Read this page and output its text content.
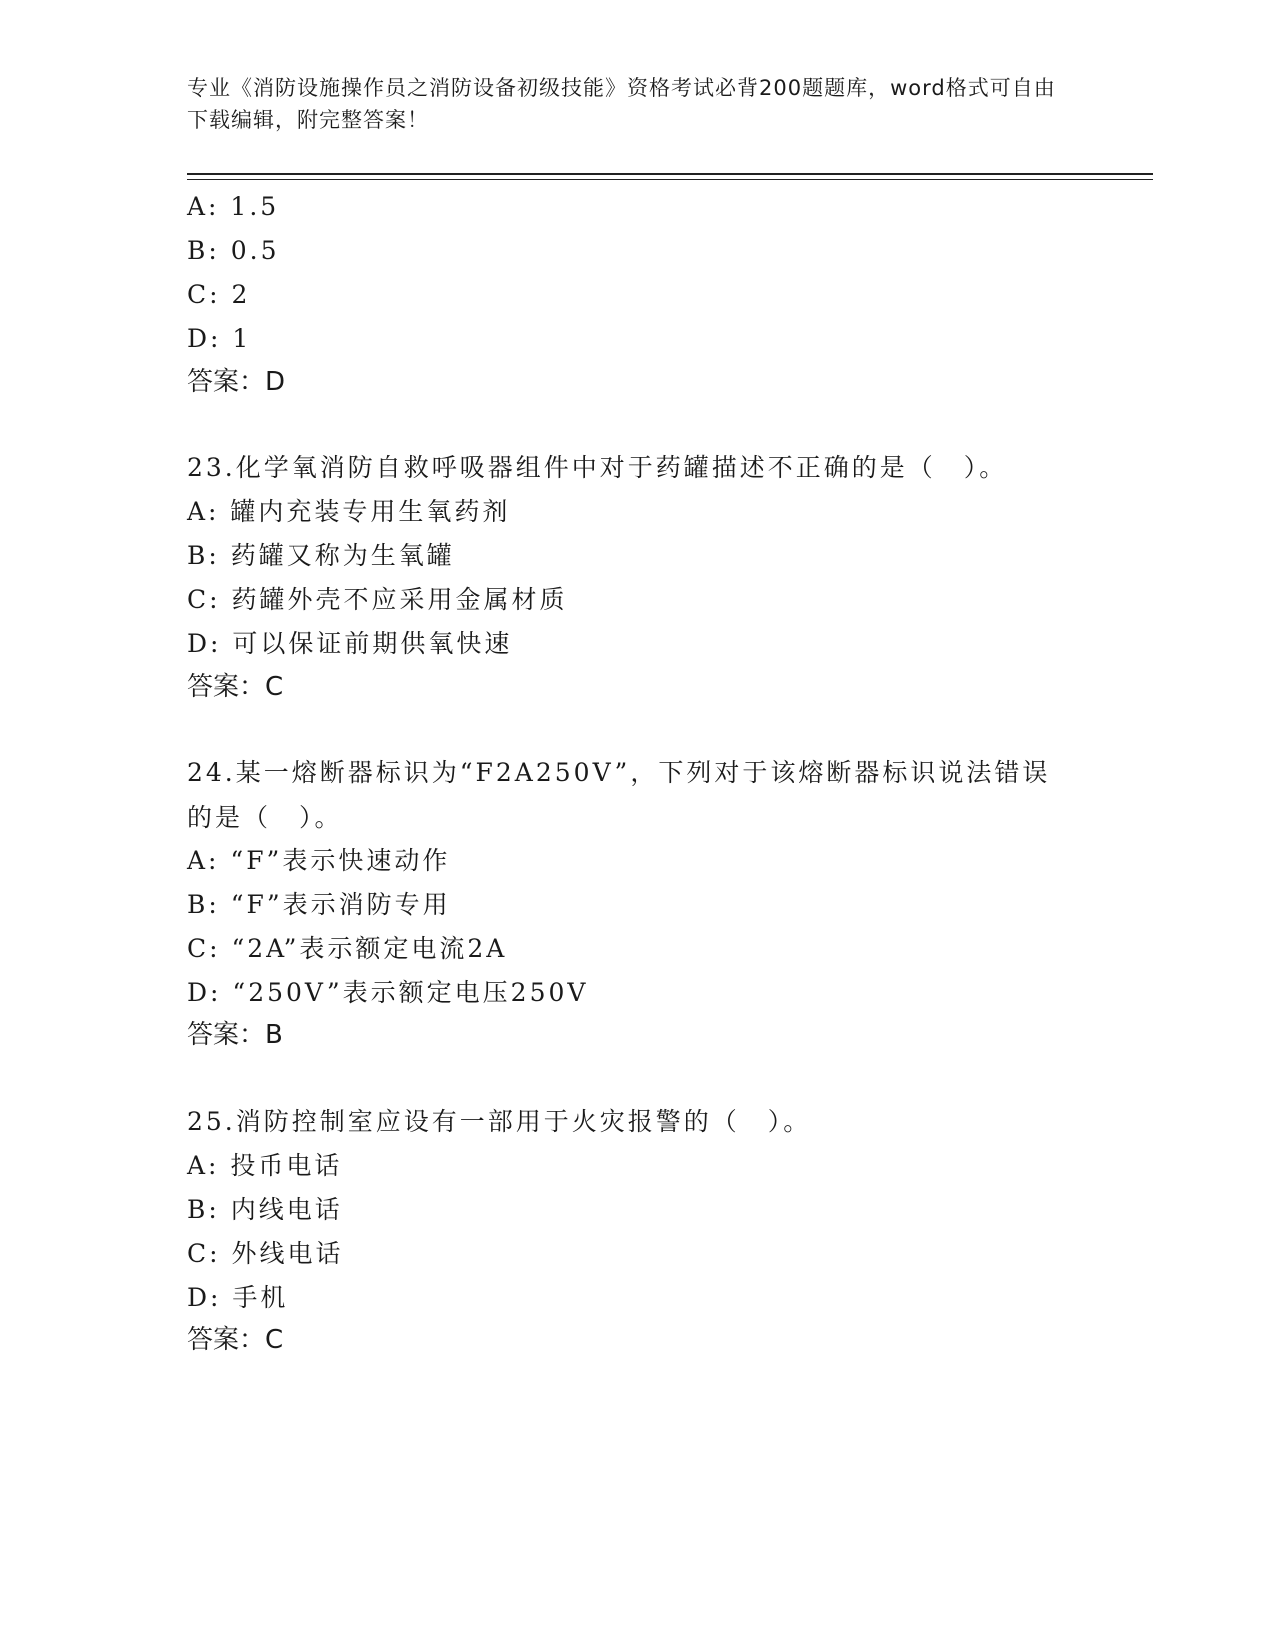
专业《消防设施操作员之消防设备初级技能》资格考试必背200题题库，word格式可自由下载编辑，附完整答案！
A: 1.5
B: 0.5
C: 2
D: 1
答案：D
23.化学氧消防自救呼吸器组件中对于药罐描述不正确的是（　）。
A: 罐内充装专用生氧药剂
B: 药罐又称为生氧罐
C: 药罐外壳不应采用金属材质
D: 可以保证前期供氧快速
答案：C
24.某一熔断器标识为“F2A250V”，下列对于该熔断器标识说法错误的是（　）。
A: “F”表示快速动作
B: “F”表示消防专用
C: “2A”表示额定电流2A
D: “250V”表示额定电压250V
答案：B
25.消防控制室应设有一部用于火灾报警的（　）。
A: 投币电话
B: 内线电话
C: 外线电话
D: 手机
答案：C
